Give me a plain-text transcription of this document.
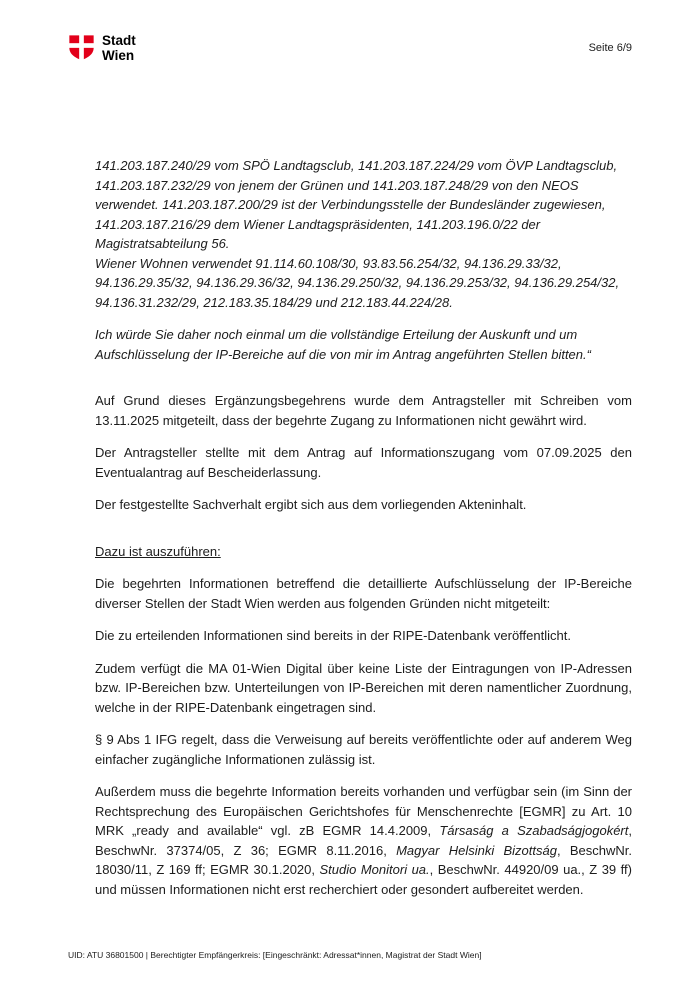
Stadt
Wien	Seite 6/9

141.203.187.240/29 vom SPÖ Landtagsclub, 141.203.187.224/29 vom ÖVP Landtagsclub, 141.203.187.232/29 von jenem der Grünen und 141.203.187.248/29 von den NEOS verwendet. 141.203.187.200/29 ist der Verbindungsstelle der Bundesländer zugewiesen, 141.203.187.216/29 dem Wiener Landtagspräsidenten, 141.203.196.0/22 der Magistratsabteilung 56.
Wiener Wohnen verwendet 91.114.60.108/30, 93.83.56.254/32, 94.136.29.33/32, 94.136.29.35/32, 94.136.29.36/32, 94.136.29.250/32, 94.136.29.253/32, 94.136.29.254/32, 94.136.31.232/29, 212.183.35.184/29 und 212.183.44.224/28.

Ich würde Sie daher noch einmal um die vollständige Erteilung der Auskunft und um Aufschlüsselung der IP-Bereiche auf die von mir im Antrag angeführten Stellen bitten.“

Auf Grund dieses Ergänzungsbegehrens wurde dem Antragsteller mit Schreiben vom 13.11.2025 mitgeteilt, dass der begehrte Zugang zu Informationen nicht gewährt wird.

Der Antragsteller stellte mit dem Antrag auf Informationszugang vom 07.09.2025 den Eventualantrag auf Bescheiderlassung.

Der festgestellte Sachverhalt ergibt sich aus dem vorliegenden Akteninhalt.

Dazu ist auszuführen:

Die begehrten Informationen betreffend die detaillierte Aufschlüsselung der IP-Bereiche diverser Stellen der Stadt Wien werden aus folgenden Gründen nicht mitgeteilt:

Die zu erteilenden Informationen sind bereits in der RIPE-Datenbank veröffentlicht.

Zudem verfügt die MA 01-Wien Digital über keine Liste der Eintragungen von IP-Adressen bzw. IP-Bereichen bzw. Unterteilungen von IP-Bereichen mit deren namentlicher Zuordnung, welche in der RIPE-Datenbank eingetragen sind.

§ 9 Abs 1 IFG regelt, dass die Verweisung auf bereits veröffentlichte oder auf anderem Weg einfacher zugängliche Informationen zulässig ist.

Außerdem muss die begehrte Information bereits vorhanden und verfügbar sein (im Sinn der Rechtsprechung des Europäischen Gerichtshofes für Menschenrechte [EGMR] zu Art. 10 MRK „ready and available“ vgl. zB EGMR 14.4.2009, Társaság a Szabadságjogokért, BeschwNr. 37374/05, Z 36; EGMR 8.11.2016, Magyar Helsinki Bizottság, BeschwNr. 18030/11, Z 169 ff; EGMR 30.1.2020, Studio Monitori ua., BeschwNr. 44920/09 ua., Z 39 ff) und müssen Informationen nicht erst recherchiert oder gesondert aufbereitet werden.

UID: ATU 36801500 | Berechtigter Empfängerkreis: [Eingeschränkt: Adressat*innen, Magistrat der Stadt Wien]
